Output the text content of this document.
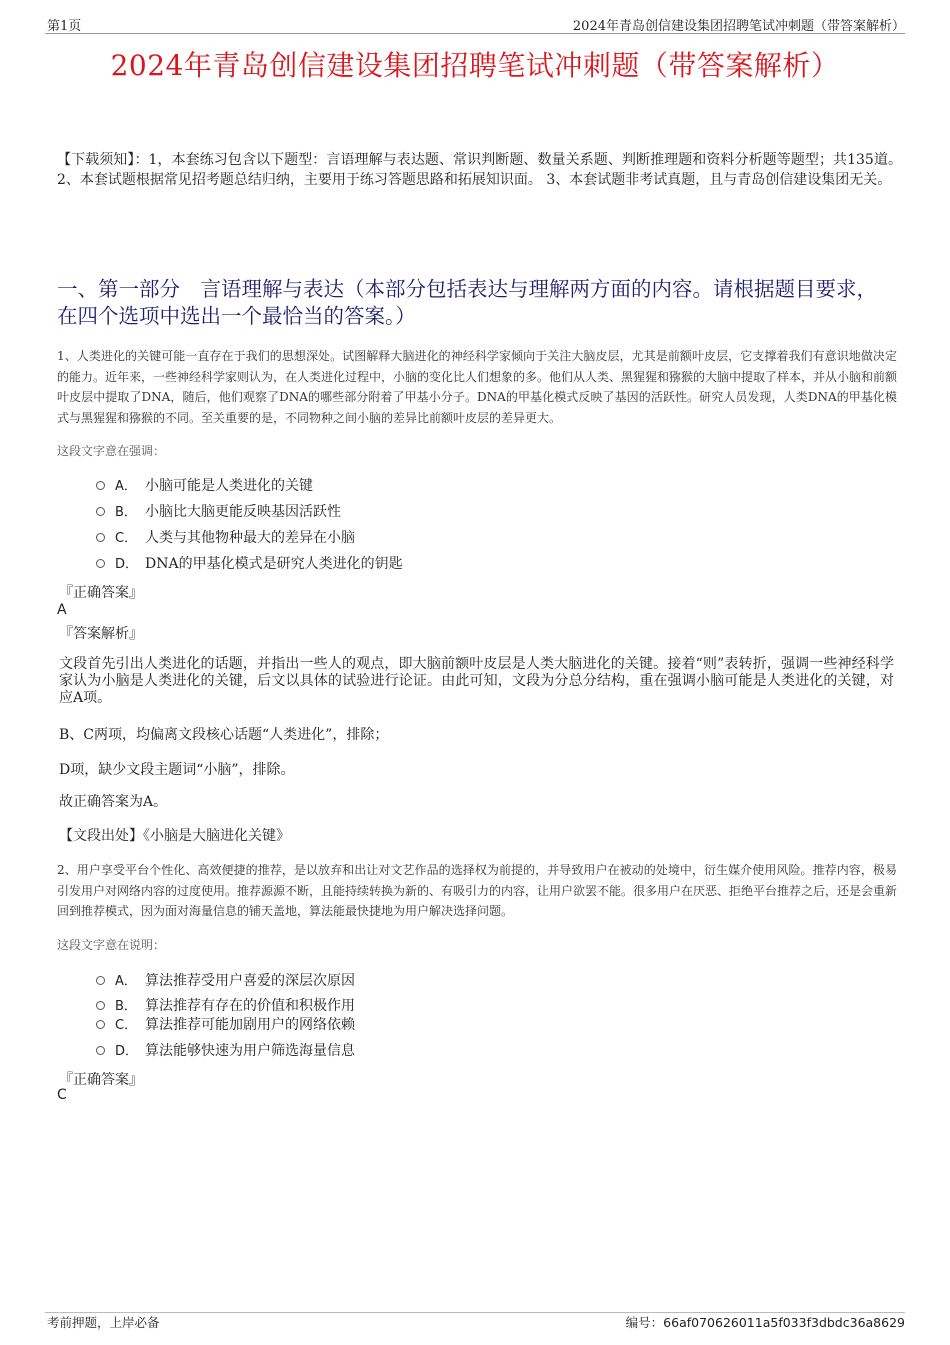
第1页	2024年青岛创信建设集团招聘笔试冲刺题（带答案解析）
2024年青岛创信建设集团招聘笔试冲刺题（带答案解析）
【下载须知】：1，本套练习包含以下题型：言语理解与表达题、常识判断题、数量关系题、判断推理题和资料分析题等题型；共135道。 2、本套试题根据常见招考题总结归纳，主要用于练习答题思路和拓展知识面。 3、本套试题非考试真题，且与青岛创信建设集团无关。
一、第一部分　言语理解与表达（本部分包括表达与理解两方面的内容。请根据题目要求，在四个选项中选出一个最恰当的答案。）
1、人类进化的关键可能一直存在于我们的思想深处。试图解释大脑进化的神经科学家倾向于关注大脑皮层，尤其是前额叶皮层，它支撑着我们有意识地做决定的能力。近年来，一些神经科学家则认为，在人类进化过程中，小脑的变化比人们想象的多。他们从人类、黑猩猩和猕猴的大脑中提取了样本，并从小脑和前额叶皮层中提取了DNA，随后，他们观察了DNA的哪些部分附着了甲基小分子。DNA的甲基化模式反映了基因的活跃性。研究人员发现，人类DNA的甲基化模式与黑猩猩和猕猴的不同。至关重要的是，不同物种之间小脑的差异比前额叶皮层的差异更大。
这段文字意在强调：
A． 小脑可能是人类进化的关键
B． 小脑比大脑更能反映基因活跃性
C． 人类与其他物种最大的差异在小脑
D． DNA的甲基化模式是研究人类进化的钥匙
『正确答案』
A
『答案解析』
文段首先引出人类进化的话题，并指出一些人的观点，即大脑前额叶皮层是人类大脑进化的关键。接着“则”表转折，强调一些神经科学家认为小脑是人类进化的关键，后文以具体的试验进行论证。由此可知，文段为分总分结构，重在强调小脑可能是人类进化的关键，对应A项。
B、C两项，均偏离文段核心话题“人类进化”，排除；
D项，缺少文段主题词“小脑”，排除。
故正确答案为A。
【文段出处】《小脑是大脑进化关键》
2、用户享受平台个性化、高效便捷的推荐，是以放弃和出让对文艺作品的选择权为前提的，并导致用户在被动的处境中，衍生媒介使用风险。推荐内容，极易引发用户对网络内容的过度使用。推荐源源不断，且能持续转换为新的、有吸引力的内容，让用户欲罢不能。很多用户在厌恶、拒绝平台推荐之后，还是会重新回到推荐模式，因为面对海量信息的铺天盖地，算法能最快捷地为用户解决选择问题。
这段文字意在说明：
A． 算法推荐受用户喜爱的深层次原因
B． 算法推荐有存在的价值和积极作用
C． 算法推荐可能加剧用户的网络依赖
D． 算法能够快速为用户筛选海量信息
『正确答案』
C
考前押题，上岸必备	编号：66af070626011a5f033f3dbdc36a8629
